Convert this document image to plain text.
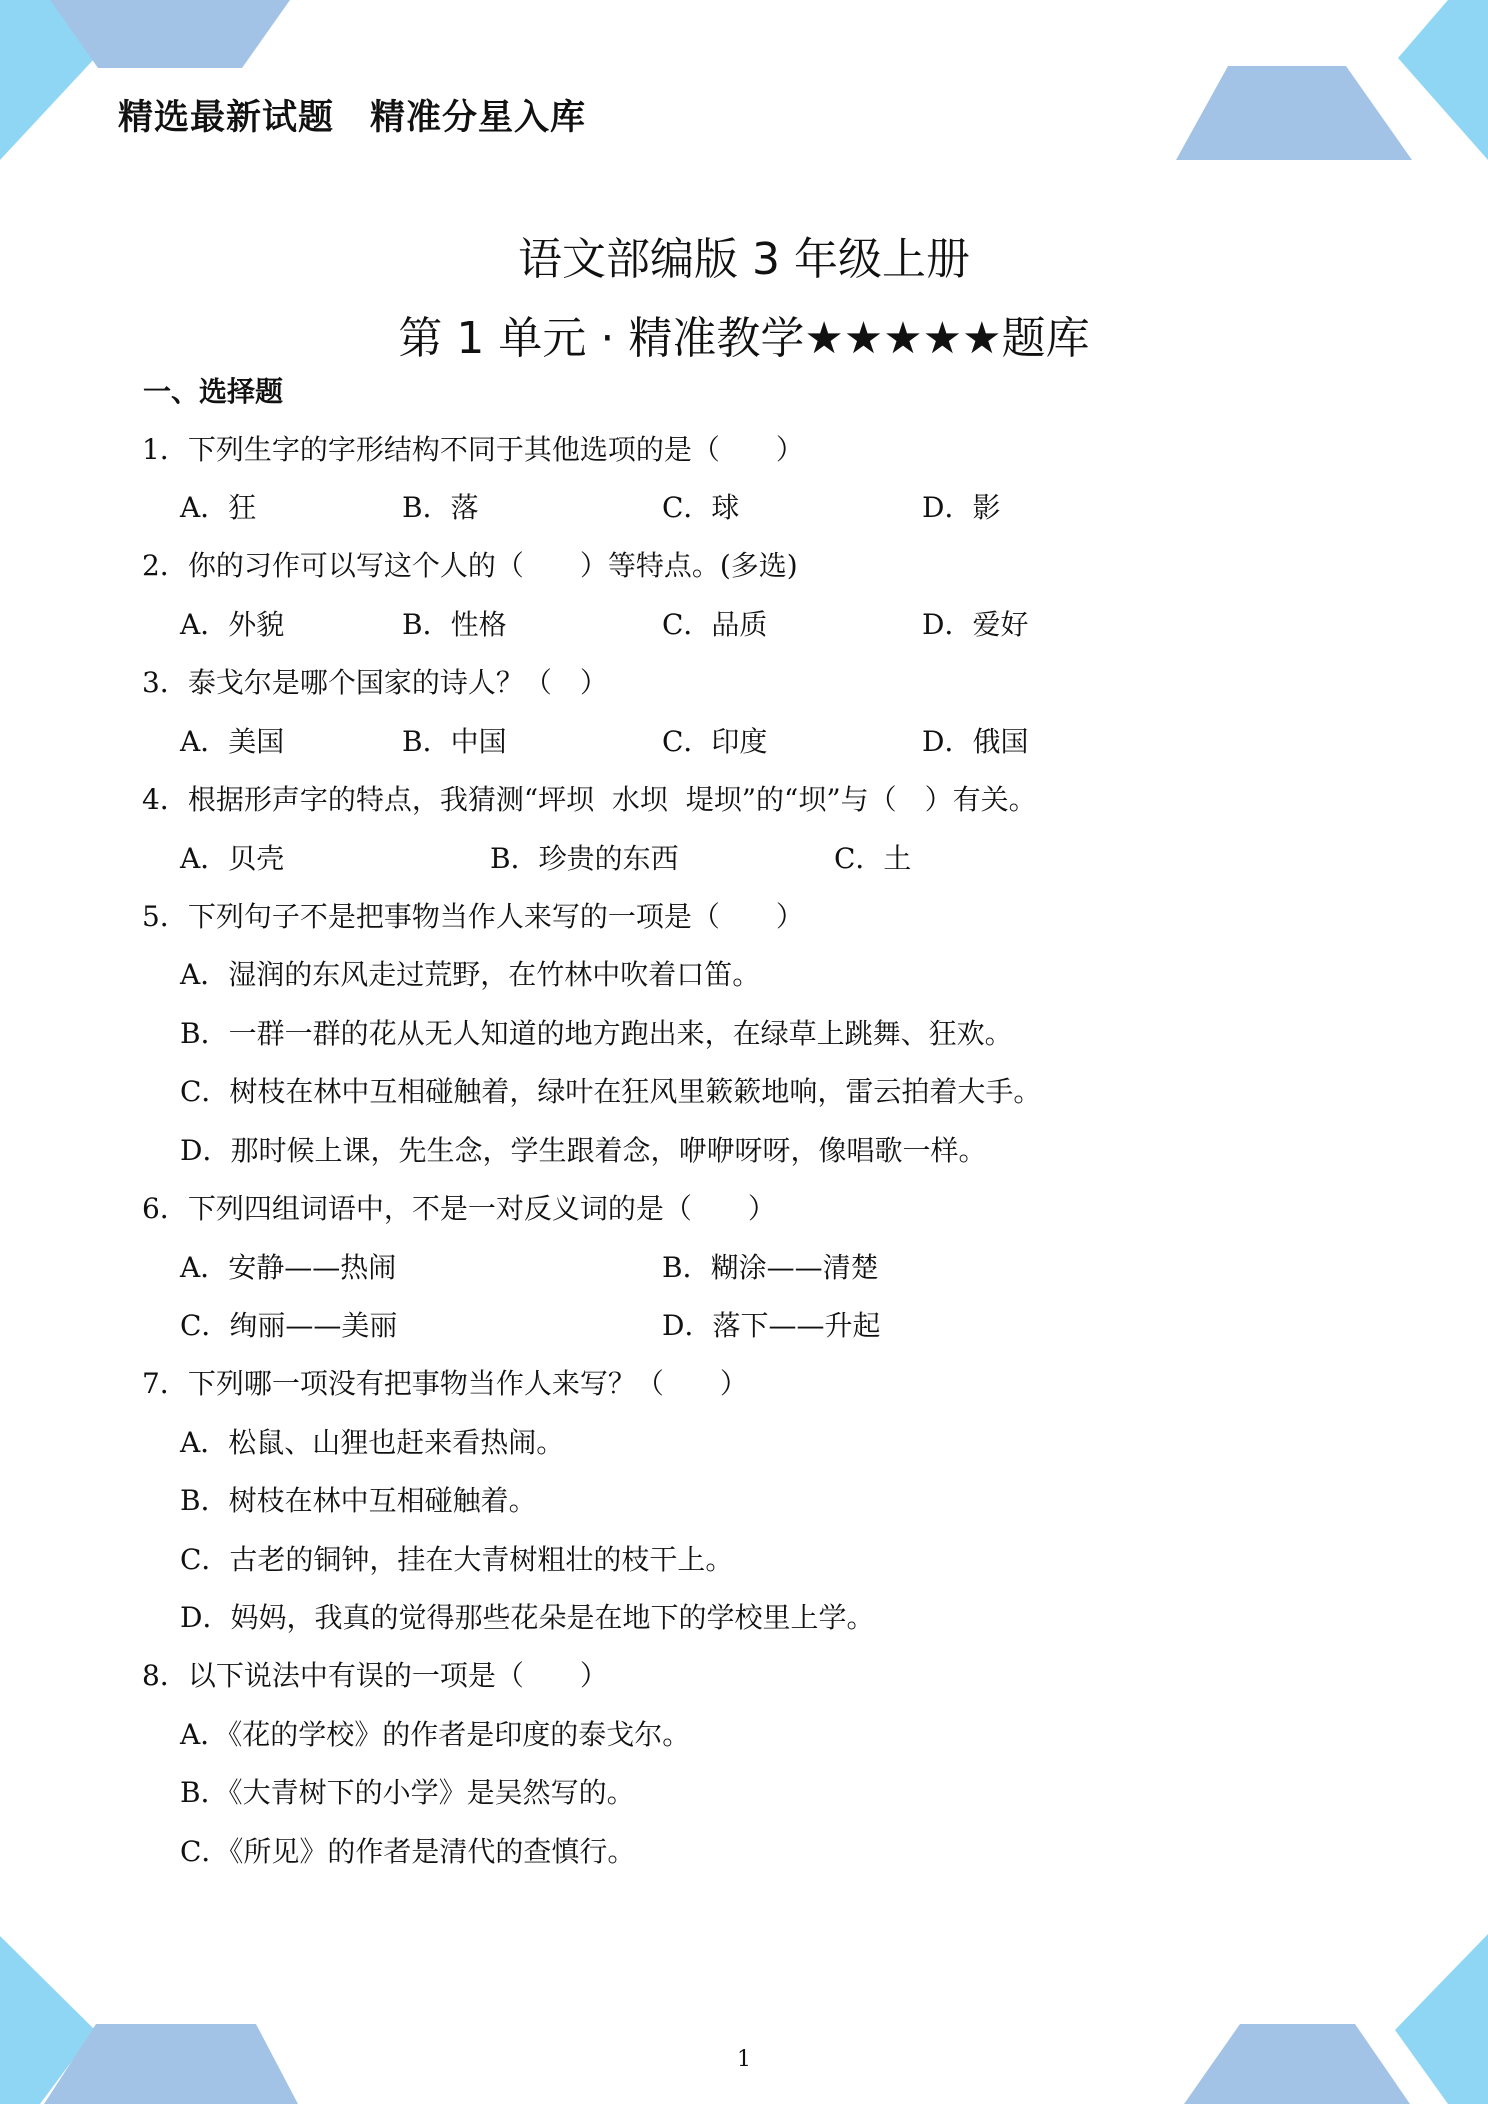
精选最新试题　精准分星入库
语文部编版 3 年级上册
第 1 单元 · 精准教学★★★★★题库
一、选择题
1．下列生字的字形结构不同于其他选项的是（　　）
A．狂	B．落	C．球	D．影
2．你的习作可以写这个人的（　　）等特点。(多选)
A．外貌	B．性格	C．品质	D．爱好
3．泰戈尔是哪个国家的诗人？（　）
A．美国	B．中国	C．印度	D．俄国
4．根据形声字的特点，我猜测“坪坝  水坝  堤坝”的“坝”与（　）有关。
A．贝壳	B．珍贵的东西	C．土
5．下列句子不是把事物当作人来写的一项是（　　）
A．湿润的东风走过荒野，在竹林中吹着口笛。
B．一群一群的花从无人知道的地方跑出来，在绿草上跳舞、狂欢。
C．树枝在林中互相碰触着，绿叶在狂风里簌簌地响，雷云拍着大手。
D．那时候上课，先生念，学生跟着念，咿咿呀呀，像唱歌一样。
6．下列四组词语中，不是一对反义词的是（　　）
A．安静——热闹	B．糊涂——清楚
C．绚丽——美丽	D．落下——升起
7．下列哪一项没有把事物当作人来写？（　　）
A．松鼠、山狸也赶来看热闹。
B．树枝在林中互相碰触着。
C．古老的铜钟，挂在大青树粗壮的枝干上。
D．妈妈，我真的觉得那些花朵是在地下的学校里上学。
8．以下说法中有误的一项是（　　）
A．《花的学校》的作者是印度的泰戈尔。
B．《大青树下的小学》是吴然写的。
C．《所见》的作者是清代的查慎行。
1
